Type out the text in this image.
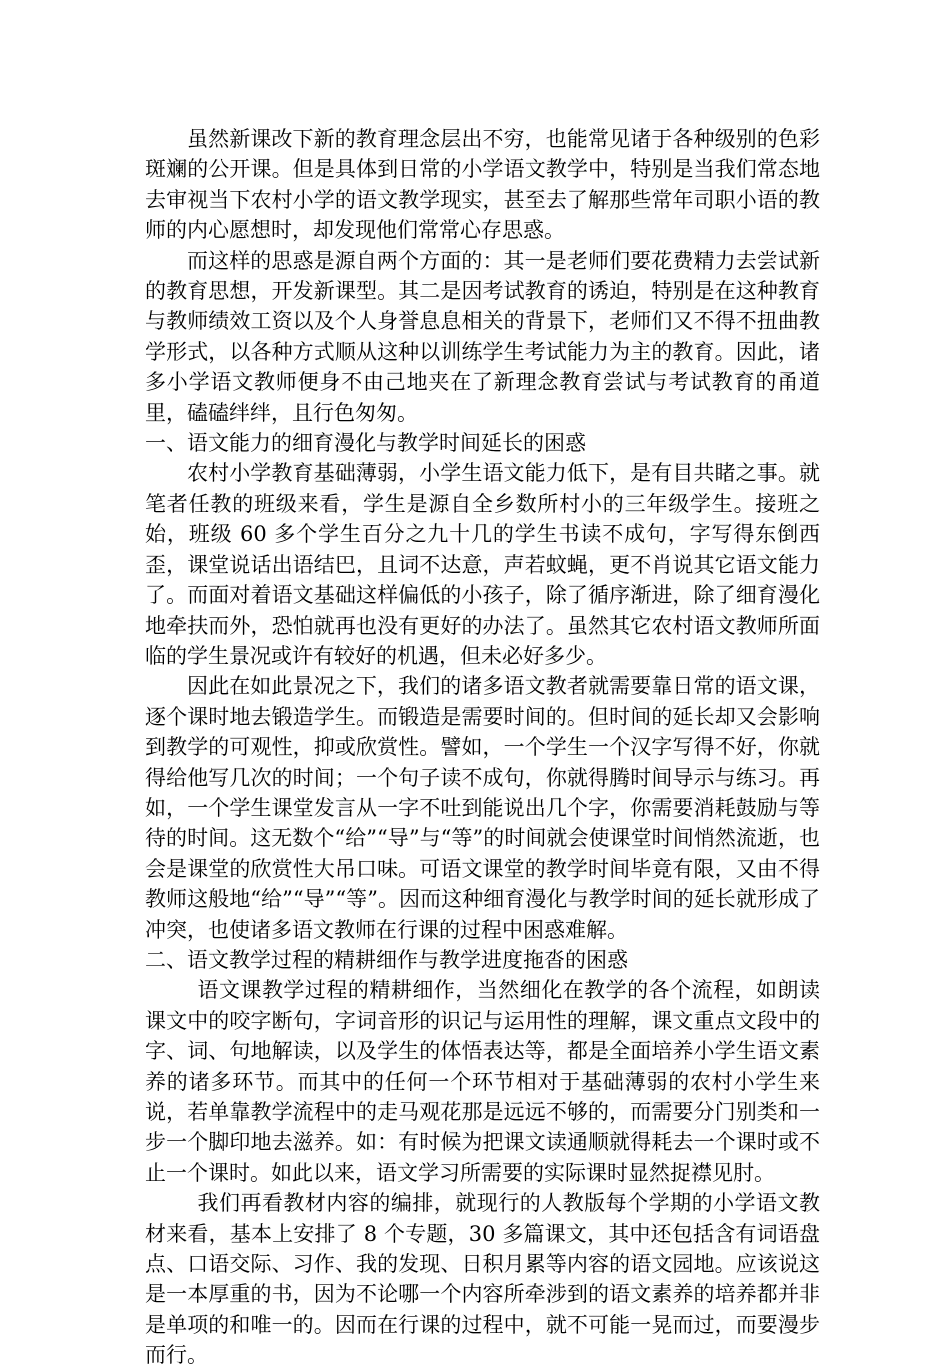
虽然新课改下新的教育理念层出不穷，也能常见诸于各种级别的色彩斑斓的公开课。但是具体到日常的小学语文教学中，特别是当我们常态地去审视当下农村小学的语文教学现实，甚至去了解那些常年司职小语的教师的内心愿想时，却发现他们常常心存思惑。

而这样的思惑是源自两个方面的：其一是老师们要花费精力去尝试新的教育思想，开发新课型。其二是因考试教育的诱迫，特别是在这种教育与教师绩效工资以及个人身誉息息相关的背景下，老师们又不得不扭曲教学形式，以各种方式顺从这种以训练学生考试能力为主的教育。因此，诸多小学语文教师便身不由己地夹在了新理念教育尝试与考试教育的甬道里，磕磕绊绊，且行色匆匆。

一、语文能力的细育漫化与教学时间延长的困惑

农村小学教育基础薄弱，小学生语文能力低下，是有目共睹之事。就笔者任教的班级来看，学生是源自全乡数所村小的三年级学生。接班之始，班级 60 多个学生百分之九十几的学生书读不成句，字写得东倒西歪，课堂说话出语结巴，且词不达意，声若蚊蝇，更不肖说其它语文能力了。而面对着语文基础这样偏低的小孩子，除了循序渐进，除了细育漫化地牵扶而外，恐怕就再也没有更好的办法了。虽然其它农村语文教师所面临的学生景况或许有较好的机遇，但未必好多少。

因此在如此景况之下，我们的诸多语文教者就需要靠日常的语文课，逐个课时地去锻造学生。而锻造是需要时间的。但时间的延长却又会影响到教学的可观性，抑或欣赏性。譬如，一个学生一个汉字写得不好，你就得给他写几次的时间；一个句子读不成句，你就得腾时间导示与练习。再如，一个学生课堂发言从一字不吐到能说出几个字，你需要消耗鼓励与等待的时间。这无数个“给”“导”与“等”的时间就会使课堂时间悄然流逝，也会是课堂的欣赏性大吊口味。可语文课堂的教学时间毕竟有限，又由不得教师这般地“给”“导”“等”。因而这种细育漫化与教学时间的延长就形成了冲突，也使诸多语文教师在行课的过程中困惑难解。

二、语文教学过程的精耕细作与教学进度拖沓的困惑

语文课教学过程的精耕细作，当然细化在教学的各个流程，如朗读课文中的咬字断句，字词音形的识记与运用性的理解，课文重点文段中的字、词、句地解读，以及学生的体悟表达等，都是全面培养小学生语文素养的诸多环节。而其中的任何一个环节相对于基础薄弱的农村小学生来说，若单靠教学流程中的走马观花那是远远不够的，而需要分门别类和一步一个脚印地去滋养。如：有时候为把课文读通顺就得耗去一个课时或不止一个课时。如此以来，语文学习所需要的实际课时显然捉襟见肘。

我们再看教材内容的编排，就现行的人教版每个学期的小学语文教材来看，基本上安排了 8 个专题，30 多篇课文，其中还包括含有词语盘点、口语交际、习作、我的发现、日积月累等内容的语文园地。应该说这是一本厚重的书，因为不论哪一个内容所牵涉到的语文素养的培养都并非是单项的和唯一的。因而在行课的过程中，就不可能一晃而过，而要漫步而行。
